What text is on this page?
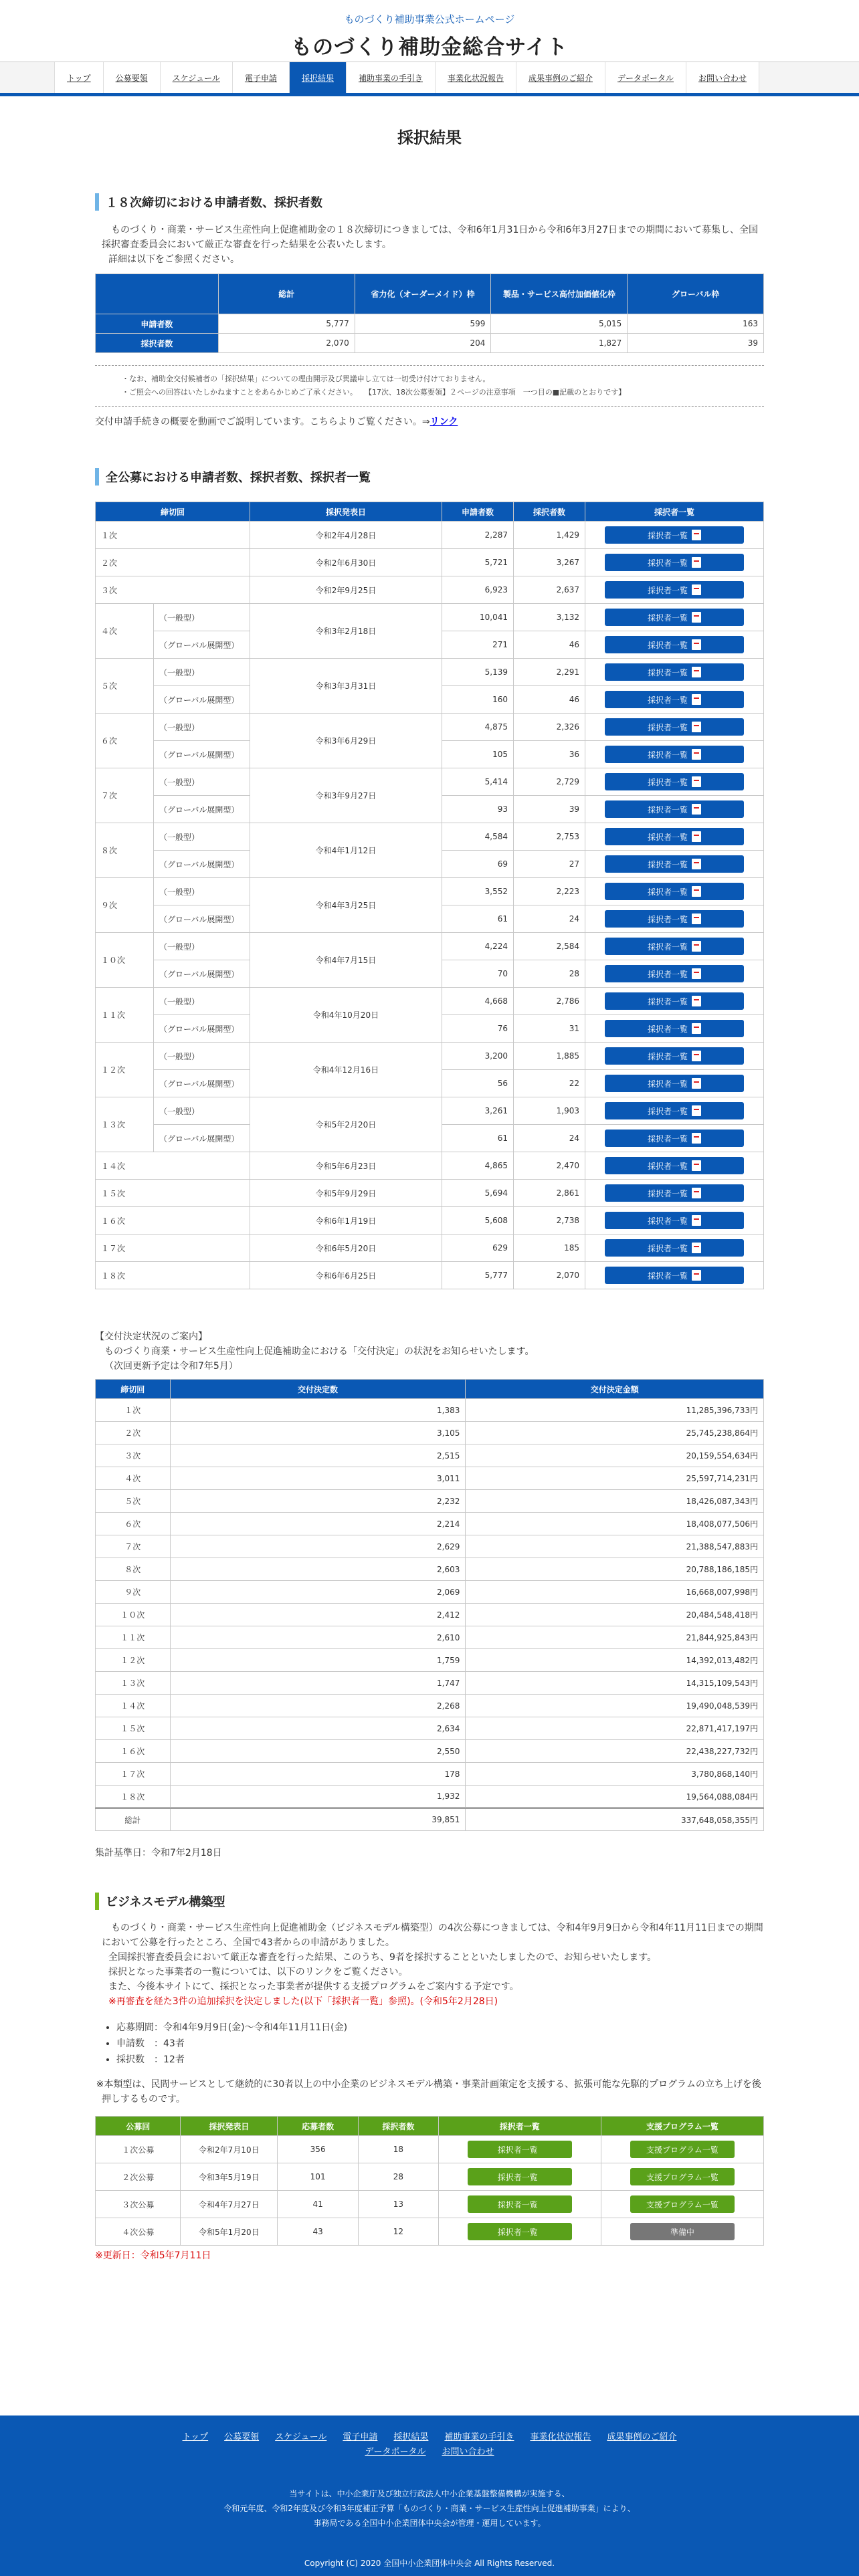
ものづくり補助事業公式ホームページ
ものづくり補助金総合サイト
トップ	公募要領	スケジュール	電子申請	採択結果	補助事業の手引き	事業化状況報告	成果事例のご紹介	データポータル	お問い合わせ
採択結果
１８次締切における申請者数、採択者数
ものづくり・商業・サービス生産性向上促進補助金の１８次締切につきましては、令和6年1月31日から令和6年3月27日までの期間において募集し、全国採択審査委員会において厳正な審査を行った結果を公表いたします。
詳細は以下をご参照ください。
	総計	省力化（オーダーメイド）枠	製品・サービス高付加価値化枠	グローバル枠
申請者数	5,777	599	5,015	163
採択者数	2,070	204	1,827	39
・なお、補助金交付候補者の「採択結果」についての理由開示及び異議申し立ては一切受け付けておりません。
・ご照会への回答はいたしかねますことをあらかじめご了承ください。　　【17次、18次公募要領】２ページの注意事項　一つ目の■記載のとおりです】
交付申請手続きの概要を動画でご説明しています。こちらよりご覧ください。⇒リンク
全公募における申請者数、採択者数、採択者一覧
締切回		採択発表日	申請者数	採択者数	採択者一覧
１次		令和2年4月28日	2,287	1,429	採択者一覧

２次		令和2年6月30日	5,721	3,267	採択者一覧

３次		令和2年9月25日	6,923	2,637	採択者一覧

４次	（一般型）	令和3年2月18日	10,041	3,132	採択者一覧

	（グローバル展開型）		271	46	採択者一覧

５次	（一般型）	令和3年3月31日	5,139	2,291	採択者一覧

	（グローバル展開型）		160	46	採択者一覧

６次	（一般型）	令和3年6月29日	4,875	2,326	採択者一覧

	（グローバル展開型）		105	36	採択者一覧

７次	（一般型）	令和3年9月27日	5,414	2,729	採択者一覧

	（グローバル展開型）		93	39	採択者一覧

８次	（一般型）	令和4年1月12日	4,584	2,753	採択者一覧

	（グローバル展開型）		69	27	採択者一覧

９次	（一般型）	令和4年3月25日	3,552	2,223	採択者一覧

	（グローバル展開型）		61	24	採択者一覧

１０次	（一般型）	令和4年7月15日	4,224	2,584	採択者一覧

	（グローバル展開型）		70	28	採択者一覧

１１次	（一般型）	令和4年10月20日	4,668	2,786	採択者一覧

	（グローバル展開型）		76	31	採択者一覧

１２次	（一般型）	令和4年12月16日	3,200	1,885	採択者一覧

	（グローバル展開型）		56	22	採択者一覧

１３次	（一般型）	令和5年2月20日	3,261	1,903	採択者一覧

	（グローバル展開型）		61	24	採択者一覧

１４次		令和5年6月23日	4,865	2,470	採択者一覧

１５次		令和5年9月29日	5,694	2,861	採択者一覧

１６次		令和6年1月19日	5,608	2,738	採択者一覧

１７次		令和6年5月20日	629	185	採択者一覧

１８次		令和6年6月25日	5,777	2,070	採択者一覧
【交付決定状況のご案内】
ものづくり商業・サービス生産性向上促進補助金における「交付決定」の状況をお知らせいたします。
（次回更新予定は令和7年5月）
締切回	交付決定数	交付決定金額
１次	1,383	11,285,396,733円
２次	3,105	25,745,238,864円
３次	2,515	20,159,554,634円
４次	3,011	25,597,714,231円
５次	2,232	18,426,087,343円
６次	2,214	18,408,077,506円
７次	2,629	21,388,547,883円
８次	2,603	20,788,186,185円
９次	2,069	16,668,007,998円
１０次	2,412	20,484,548,418円
１１次	2,610	21,844,925,843円
１２次	1,759	14,392,013,482円
１３次	1,747	14,315,109,543円
１４次	2,268	19,490,048,539円
１５次	2,634	22,871,417,197円
１６次	2,550	22,438,227,732円
１７次	178	3,780,868,140円
１８次	1,932	19,564,088,084円
総計	39,851	337,648,058,355円
集計基準日：令和7年2月18日
ビジネスモデル構築型
ものづくり・商業・サービス生産性向上促進補助金（ビジネスモデル構築型）の4次公募につきましては、令和4年9月9日から令和4年11月11日までの期間において公募を行ったところ、全国で43者からの申請がありました。
全国採択審査委員会において厳正な審査を行った結果、このうち、9者を採択することといたしましたので、お知らせいたします。
採択となった事業者の一覧については、以下のリンクをご覧ください。
また、今後本サイトにて、採択となった事業者が提供する支援プログラムをご案内する予定です。
※再審査を経た3件の追加採択を決定しました(以下「採択者一覧」参照)。(令和5年2月28日)
• 応募期間：令和4年9月9日(金)〜令和4年11月11日(金)
• 申請数　：43者
• 採択数　：12者
※本類型は、民間サービスとして継続的に30者以上の中小企業のビジネスモデル構築・事業計画策定を支援する、拡張可能な先駆的プログラムの立ち上げを後押しするものです。
公募回	採択発表日	応募者数	採択者数	採択者一覧	支援プログラム一覧
１次公募	令和2年7月10日	356	18	採択者一覧	支援プログラム一覧
２次公募	令和3年5月19日	101	28	採択者一覧	支援プログラム一覧
３次公募	令和4年7月27日	41	13	採択者一覧	支援プログラム一覧
４次公募	令和5年1月20日	43	12	採択者一覧	準備中
※更新日：令和5年7月11日
トップ 公募要領 スケジュール 電子申請 採択結果 補助事業の手引き 事業化状況報告 成果事例のご紹介
データポータル お問い合わせ
当サイトは、中小企業庁及び独立行政法人中小企業基盤整備機構が実施する、
令和元年度、令和2年度及び令和3年度補正予算「ものづくり・商業・サービス生産性向上促進補助事業」により、
事務局である全国中小企業団体中央会が管理・運用しています。
Copyright (C) 2020 全国中小企業団体中央会 All Rights Reserved.
